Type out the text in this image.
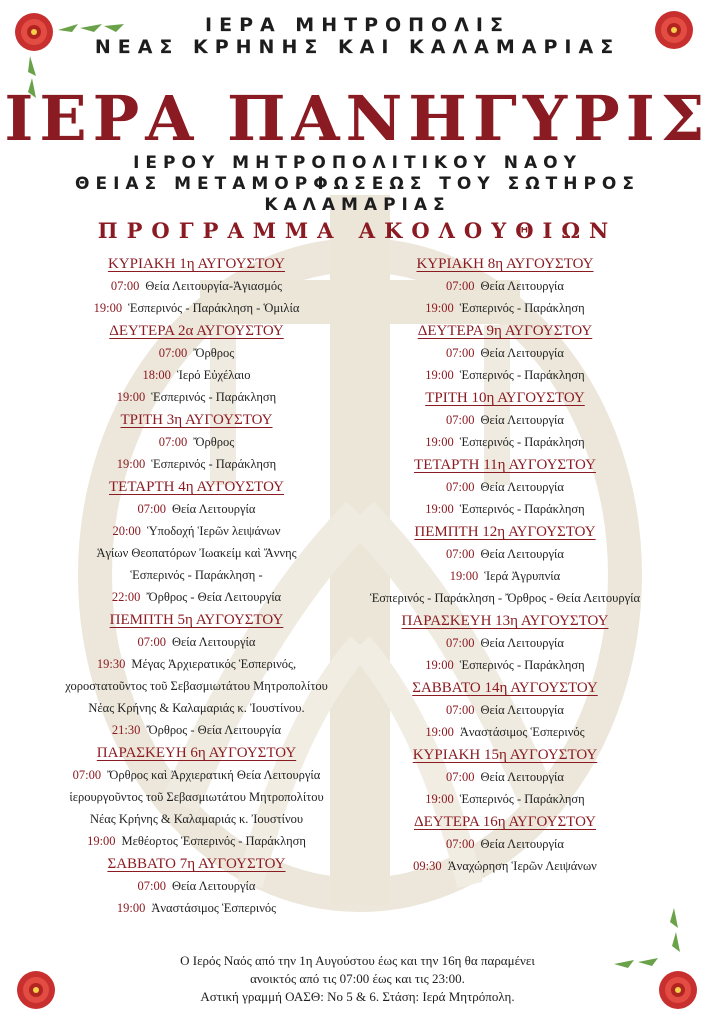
ΙΕΡΑ ΜΗΤΡΟΠΟΛΙΣ
ΝΕΑΣ ΚΡΗΝΗΣ ΚΑΙ ΚΑΛΑΜΑΡΙΑΣ
ΙΕΡΑ ΠΑΝΗΓΥΡΙΣ
ΙΕΡΟΥ ΜΗΤΡΟΠΟΛΙΤΙΚΟΥ ΝΑΟΥ
ΘΕΙΑΣ ΜΕΤΑΜΟΡΦΩΣΕΩΣ ΤΟΥ ΣΩΤΗΡΟΣ
ΚΑΛΑΜΑΡΙΑΣ
ΠΡΟΓΡΑΜΜΑ ΑΚΟΛΟΥΘΙΩΝ
ΚΥΡΙΑΚΗ 1η ΑΥΓΟΥΣΤΟΥ
07:00 Θεία Λειτουργία-Ἁγιασμός
19:00 Ἑσπερινός - Παράκληση - Ὁμιλία
ΔΕΥΤΕΡΑ 2α ΑΥΓΟΥΣΤΟΥ
07:00 Ὄρθρος
18:00 Ἱερό Εὐχέλαιο
19:00 Ἑσπερινός - Παράκληση
ΤΡΙΤΗ 3η ΑΥΓΟΥΣΤΟΥ
07:00 Ὄρθρος
19:00 Ἑσπερινός - Παράκληση
ΤΕΤΑΡΤΗ 4η ΑΥΓΟΥΣΤΟΥ
07:00 Θεία Λειτουργία
20:00 Ὑποδοχή Ἱερῶν λειψάνων
Ἁγίων Θεοπατόρων Ἰωακείμ καὶ Ἄννης
Ἑσπερινός - Παράκληση -
22:00 Ὄρθρος - Θεία Λειτουργία
ΠΕΜΠΤΗ 5η ΑΥΓΟΥΣΤΟΥ
07:00 Θεία Λειτουργία
19:30 Μέγας Ἀρχιερατικός Ἑσπερινός,
χοροστατοῦντος τοῦ Σεβασμιωτάτου Μητροπολίτου
Νέας Κρήνης & Καλαμαριάς κ. Ἰουστίνου.
21:30 Ὄρθρος - Θεία Λειτουργία
ΠΑΡΑΣΚΕΥΗ 6η ΑΥΓΟΥΣΤΟΥ
07:00 Ὄρθρος καὶ Ἀρχιερατική Θεία Λειτουργία
ἱερουργοῦντος τοῦ Σεβασμιωτάτου Μητροπολίτου
Νέας Κρήνης & Καλαμαριάς κ. Ἰουστίνου
19:00 Μεθέορτος Ἑσπερινός - Παράκληση
ΣΑΒΒΑΤΟ 7η ΑΥΓΟΥΣΤΟΥ
07:00 Θεία Λειτουργία
19:00 Ἀναστάσιμος Ἑσπερινός
ΚΥΡΙΑΚΗ 8η ΑΥΓΟΥΣΤΟΥ
07:00 Θεία Λειτουργία
19:00 Ἑσπερινός - Παράκληση
ΔΕΥΤΕΡΑ 9η ΑΥΓΟΥΣΤΟΥ
07:00 Θεία Λειτουργία
19:00 Ἑσπερινός - Παράκληση
ΤΡΙΤΗ 10η ΑΥΓΟΥΣΤΟΥ
07:00 Θεία Λειτουργία
19:00 Ἑσπερινός - Παράκληση
ΤΕΤΑΡΤΗ 11η ΑΥΓΟΥΣΤΟΥ
07:00 Θεία Λειτουργία
19:00 Ἑσπερινός - Παράκληση
ΠΕΜΠΤΗ 12η ΑΥΓΟΥΣΤΟΥ
07:00 Θεία Λειτουργία
19:00 Ἱερά Ἀγρυπνία
Ἑσπερινός - Παράκληση - Ὄρθρος - Θεία Λειτουργία
ΠΑΡΑΣΚΕΥΗ 13η ΑΥΓΟΥΣΤΟΥ
07:00 Θεία Λειτουργία
19:00 Ἑσπερινός - Παράκληση
ΣΑΒΒΑΤΟ 14η ΑΥΓΟΥΣΤΟΥ
07:00 Θεία Λειτουργία
19:00 Ἀναστάσιμος Ἑσπερινός
ΚΥΡΙΑΚΗ 15η ΑΥΓΟΥΣΤΟΥ
07:00 Θεία Λειτουργία
19:00 Ἑσπερινός - Παράκληση
ΔΕΥΤΕΡΑ 16η ΑΥΓΟΥΣΤΟΥ
07:00 Θεία Λειτουργία
09:30 Ἀναχώρηση Ἱερῶν Λειψάνων
Ο Ιερός Ναός από την 1η Αυγούστου έως και την 16η θα παραμένει
ανοικτός από τις 07:00 έως και τις 23:00.
Αστική γραμμή ΟΑΣΘ: Νο 5 & 6. Στάση: Ιερά Μητρόπολη.
